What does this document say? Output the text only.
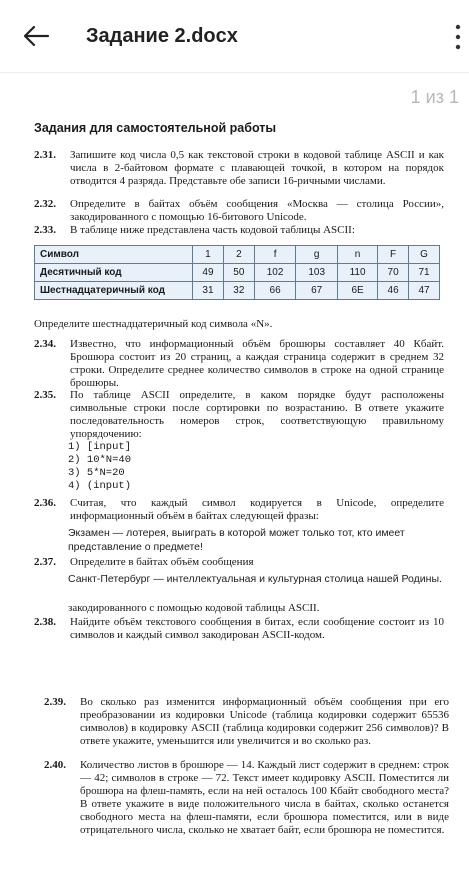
Задание 2.docx
1 из 1
Задания для самостоятельной работы
2.31.	Запишите код числа 0,5 как текстовой строки в кодовой таблице ASCII и как числа в 2-байтовом формате с плавающей точкой, в котором на порядок отводится 4 разряда. Представьте обе записи 16-ричными числами.
2.32.	Определите в байтах объём сообщения «Москва — столица России», закодированного с помощью 16-битового Unicode.
2.33.	В таблице ниже представлена часть кодовой таблицы ASCII:
Символ	1	2	f	g	n	F	G
Десятичный код	49	50	102	103	110	70	71
Шестнадцатеричный код	31	32	66	67	6E	46	47
Определите шестнадцатеричный код символа «N».
2.34.	Известно, что информационный объём брошюры составляет 40 Кбайт. Брошюра состоит из 20 страниц, а каждая страница содержит в среднем 32 строки. Определите среднее количество символов в строке на одной странице брошюры.
2.35.	По таблице ASCII определите, в каком порядке будут расположены символьные строки после сортировки по возрастанию. В ответе укажите последовательность номеров строк, соответствующую правильному упорядочению:
1) [input]
2) 10*N=40
3) 5*N=20
4) (input)
2.36.	Считая, что каждый символ кодируется в Unicode, определите информационный объём в байтах следующей фразы:
Экзамен — лотерея, выиграть в которой может только тот, кто имеет представление о предмете!
2.37.	Определите в байтах объём сообщения
Санкт-Петербург — интеллектуальная и культурная столица нашей Родины.
закодированного с помощью кодовой таблицы ASCII.
2.38.	Найдите объём текстового сообщения в битах, если сообщение состоит из 10 символов и каждый символ закодирован ASCII-кодом.
2.39.	Во сколько раз изменится информационный объём сообщения при его преобразовании из кодировки Unicode (таблица кодировки содержит 65536 символов) в кодировку ASCII (таблица кодировки содержит 256 символов)? В ответе укажите, уменьшится или увеличится и во сколько раз.
2.40.	Количество листов в брошюре — 14. Каждый лист содержит в среднем: строк — 42; символов в строке — 72. Текст имеет кодировку ASCII. Поместится ли брошюра на флеш-память, если на ней осталось 100 Кбайт свободного места? В ответе укажите в виде положительного числа в байтах, сколько останется свободного места на флеш-памяти, если брошюра поместится, или в виде отрицательного числа, сколько не хватает байт, если брошюра не поместится.
